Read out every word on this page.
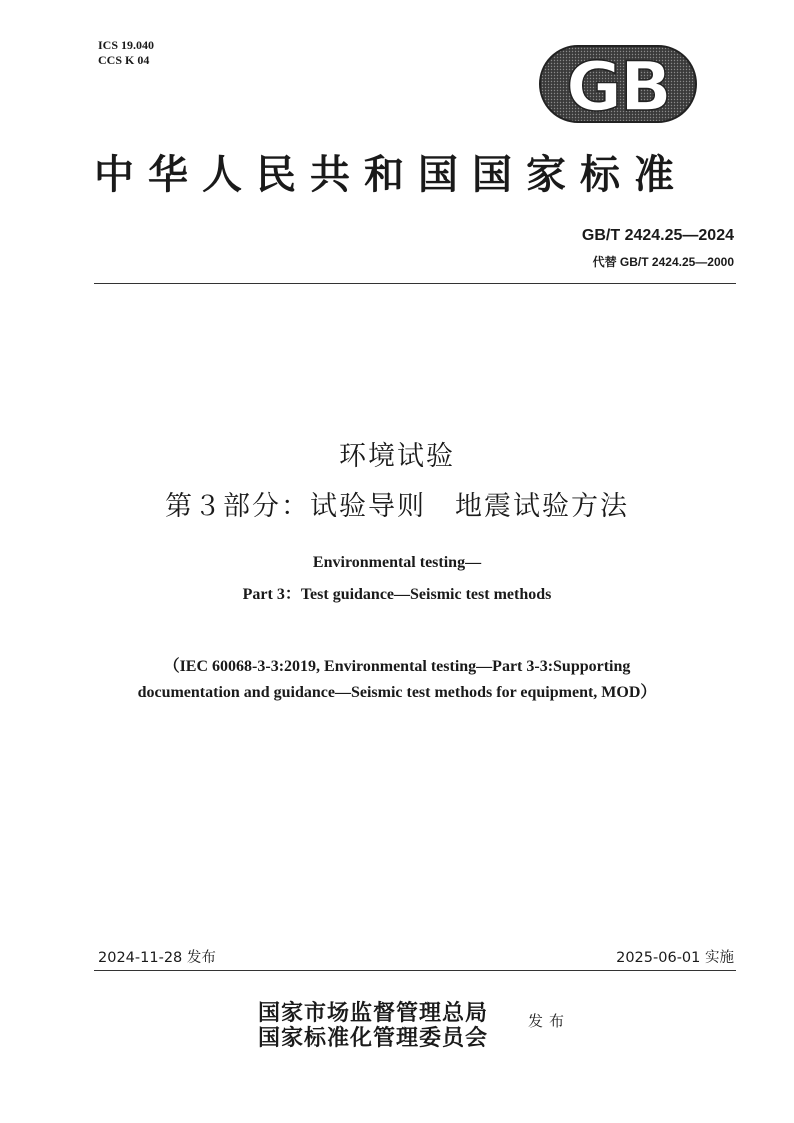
ICS 19.040
CCS K 04	GB
中华人民共和国国家标准
GB/T 2424.25—2024
代替 GB/T 2424.25—2000
环境试验
第３部分：试验导则　地震试验方法
Environmental testing—
Part 3：Test guidance—Seismic test methods
（IEC 60068-3-3:2019, Environmental testing—Part 3-3:Supporting
documentation and guidance—Seismic test methods for equipment, MOD）
2024-11-28 发布	2025-06-01 实施
国家市场监督管理总局
国家标准化管理委员会
发布
